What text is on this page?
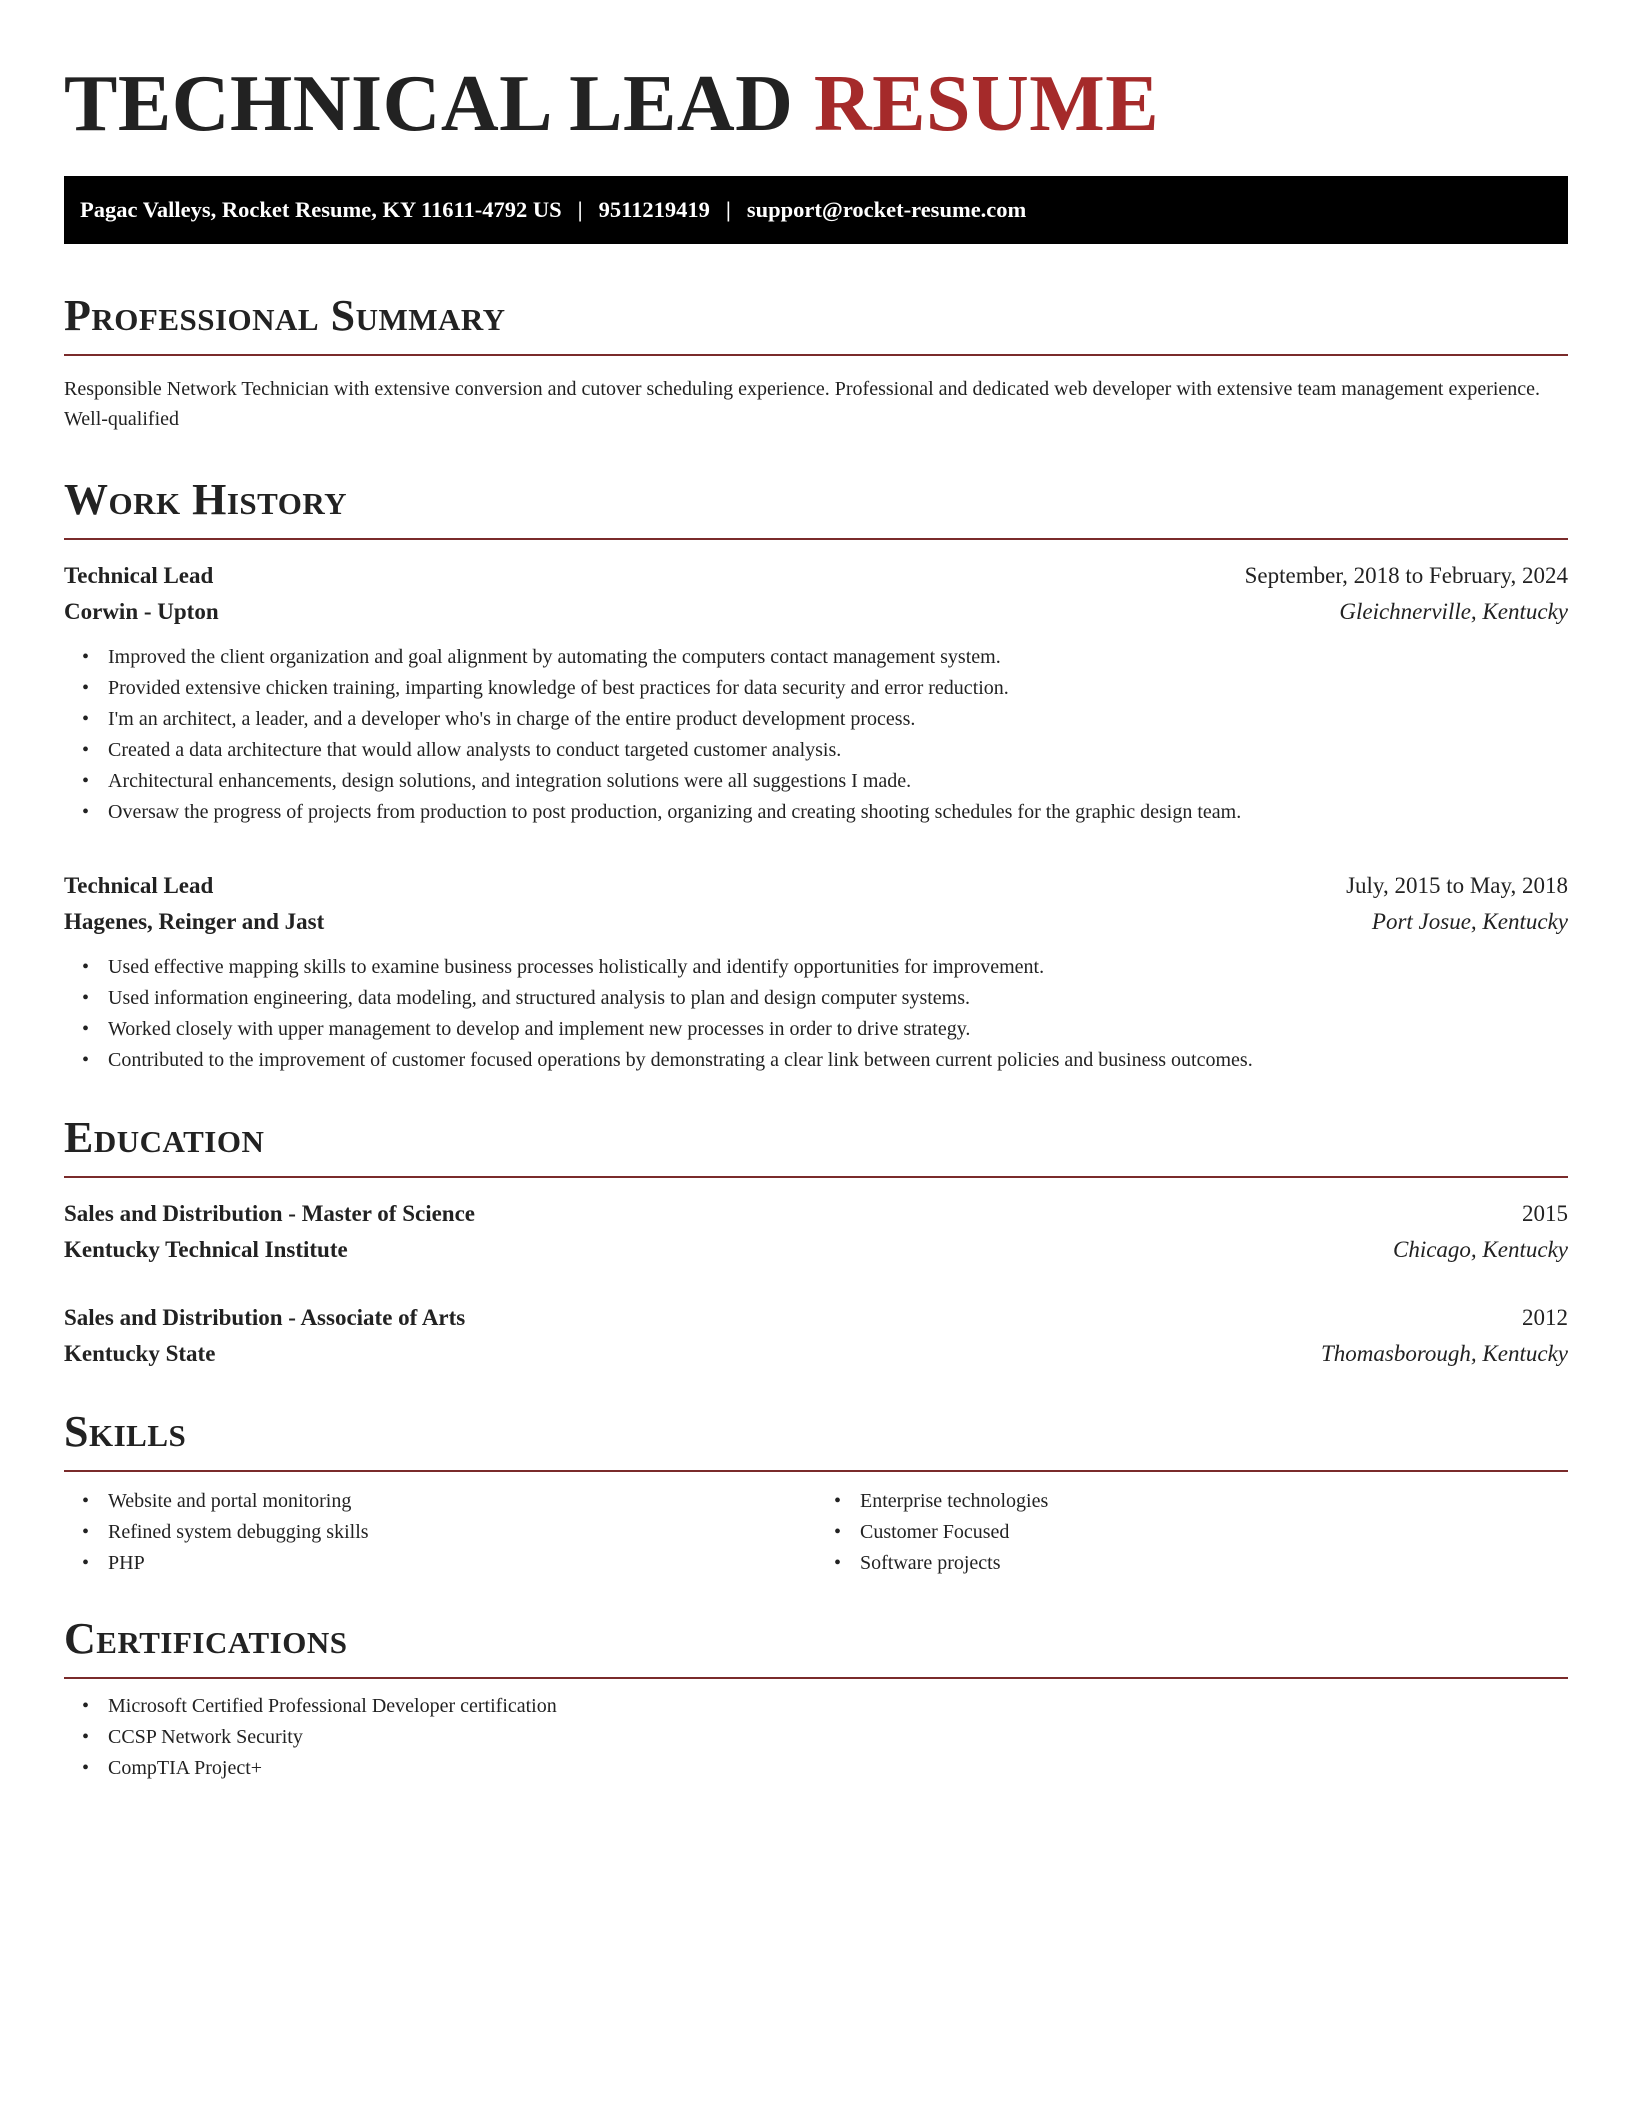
TECHNICAL LEAD RESUME
Pagac Valleys, Rocket Resume, KY 11611-4792 US | 9511219419 | support@rocket-resume.com
Professional Summary
Responsible Network Technician with extensive conversion and cutover scheduling experience. Professional and dedicated web developer with extensive team management experience. Well-qualified
Work History
Technical Lead	September, 2018 to February, 2024
Corwin - Upton	Gleichnerville, Kentucky
• Improved the client organization and goal alignment by automating the computers contact management system.
• Provided extensive chicken training, imparting knowledge of best practices for data security and error reduction.
• I'm an architect, a leader, and a developer who's in charge of the entire product development process.
• Created a data architecture that would allow analysts to conduct targeted customer analysis.
• Architectural enhancements, design solutions, and integration solutions were all suggestions I made.
• Oversaw the progress of projects from production to post production, organizing and creating shooting schedules for the graphic design team.
Technical Lead	July, 2015 to May, 2018
Hagenes, Reinger and Jast	Port Josue, Kentucky
• Used effective mapping skills to examine business processes holistically and identify opportunities for improvement.
• Used information engineering, data modeling, and structured analysis to plan and design computer systems.
• Worked closely with upper management to develop and implement new processes in order to drive strategy.
• Contributed to the improvement of customer focused operations by demonstrating a clear link between current policies and business outcomes.
Education
Sales and Distribution - Master of Science	2015
Kentucky Technical Institute	Chicago, Kentucky
Sales and Distribution - Associate of Arts	2012
Kentucky State	Thomasborough, Kentucky
Skills
• Website and portal monitoring
• Refined system debugging skills
• PHP
• Enterprise technologies
• Customer Focused
• Software projects
Certifications
• Microsoft Certified Professional Developer certification
• CCSP Network Security
• CompTIA Project+
